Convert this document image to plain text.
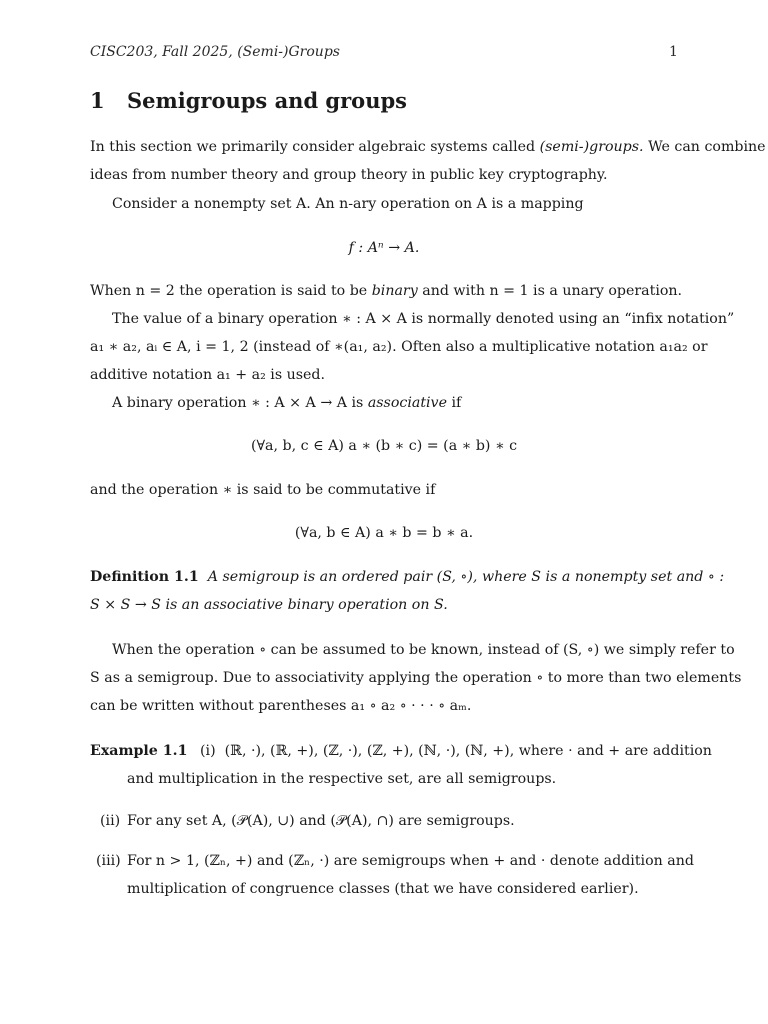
CISC203, Fall 2025, (Semi-)Groups	1
1 Semigroups and groups
In this section we primarily consider algebraic systems called (semi-)groups. We can combine
ideas from number theory and group theory in public key cryptography.
Consider a nonempty set A. An n-ary operation on A is a mapping
f : Aⁿ → A.
When n = 2 the operation is said to be binary and with n = 1 is a unary operation.
The value of a binary operation ∗ : A × A is normally denoted using an “infix notation”
a₁ ∗ a₂, aᵢ ∈ A, i = 1, 2 (instead of ∗(a₁, a₂). Often also a multiplicative notation a₁a₂ or
additive notation a₁ + a₂ is used.
A binary operation ∗ : A × A → A is associative if
(∀a, b, c ∈ A) a ∗ (b ∗ c) = (a ∗ b) ∗ c
and the operation ∗ is said to be commutative if
(∀a, b ∈ A) a ∗ b = b ∗ a.
Definition 1.1 A semigroup is an ordered pair (S, ∘), where S is a nonempty set and ∘ :
S × S → S is an associative binary operation on S.
When the operation ∘ can be assumed to be known, instead of (S, ∘) we simply refer to
S as a semigroup. Due to associativity applying the operation ∘ to more than two elements
can be written without parentheses a₁ ∘ a₂ ∘ · · · ∘ aₘ.
Example 1.1 (i) (ℝ, ·), (ℝ, +), (ℤ, ·), (ℤ, +), (ℕ, ·), (ℕ, +), where · and + are addition
and multiplication in the respective set, are all semigroups.
(ii) For any set A, (𝒫(A), ∪) and (𝒫(A), ∩) are semigroups.
(iii) For n > 1, (ℤₙ, +) and (ℤₙ, ·) are semigroups when + and · denote addition and
multiplication of congruence classes (that we have considered earlier).
